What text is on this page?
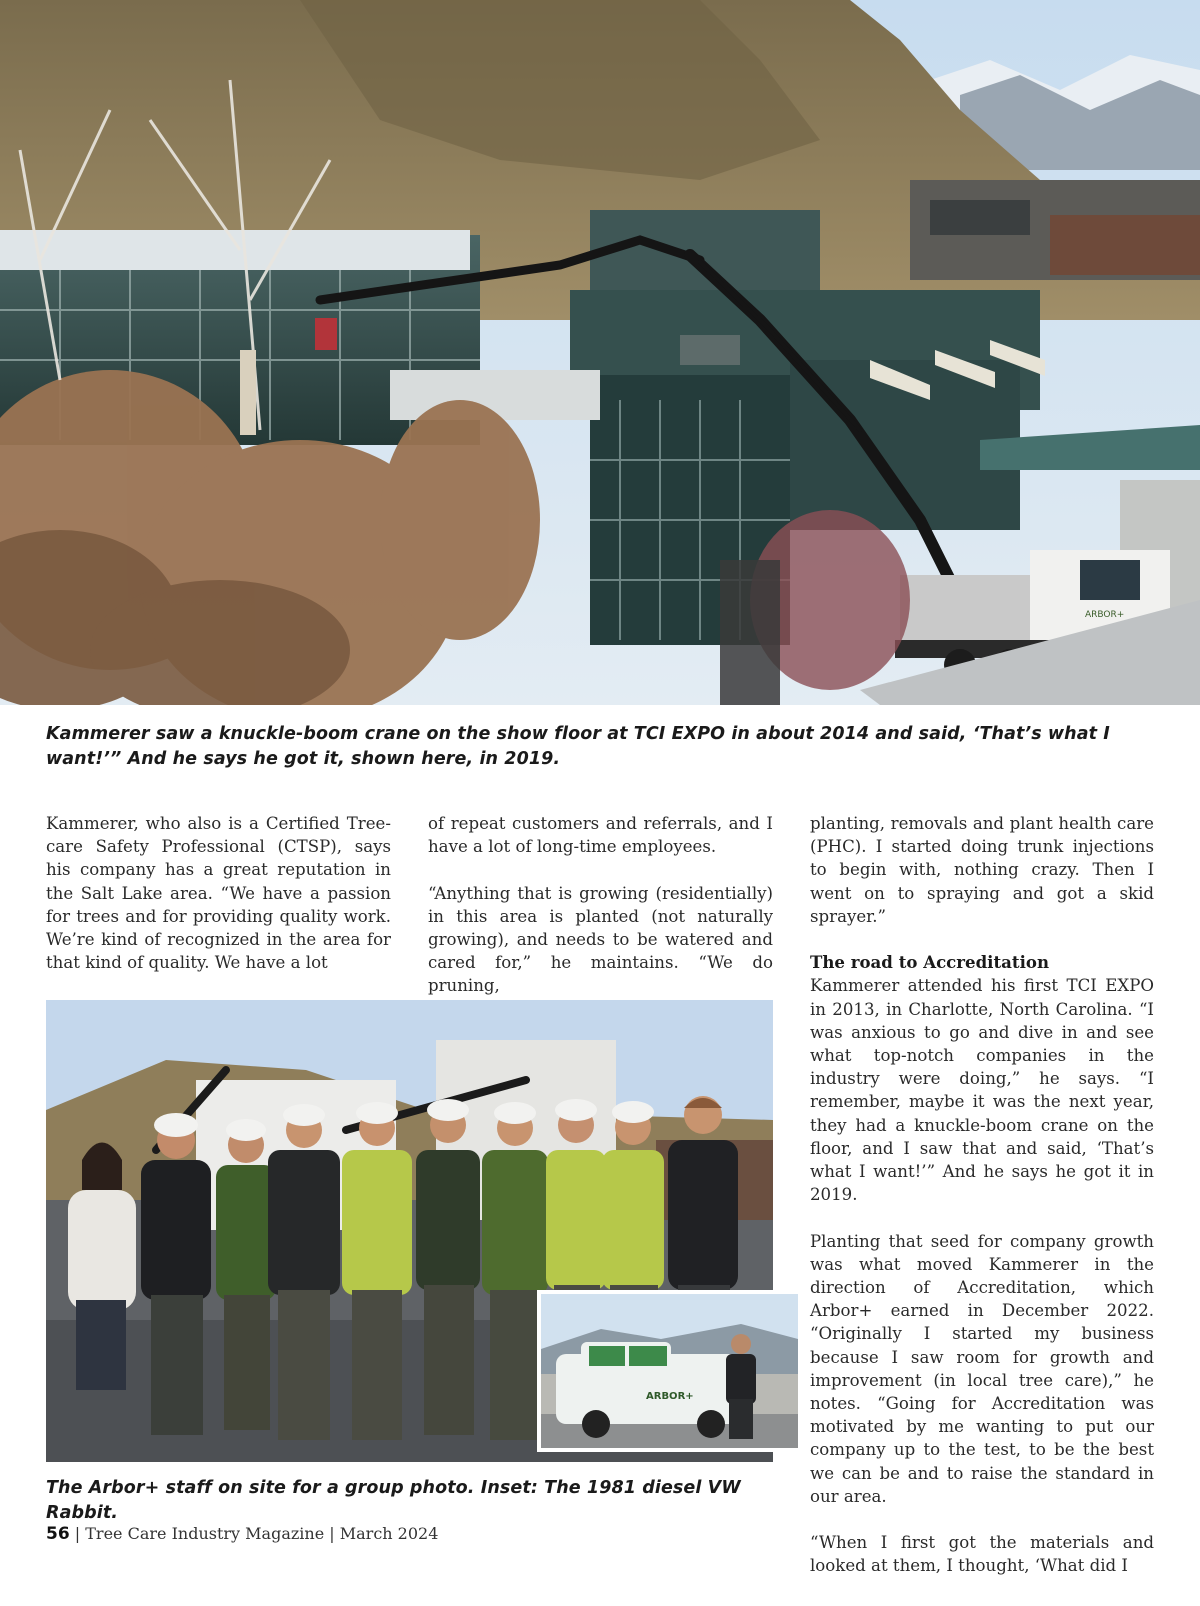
ARBOR+
Kammerer saw a knuckle-boom crane on the show floor at TCI EXPO in about 2014 and said, ‘That’s what I want!’” And he says he got it, shown here, in 2019.

Kammerer, who also is a Certified Tree-care Safety Professional (CTSP), says his company has a great reputation in the Salt Lake area. “We have a passion for trees and for providing quality work. We’re kind of recognized in the area for that kind of quality. We have a lot

of repeat customers and referrals, and I have a lot of long-time employees.

“Anything that is growing (residentially) in this area is planted (not naturally growing), and needs to be watered and cared for,” he maintains. “We do pruning,

planting, removals and plant health care (PHC). I started doing trunk injections to begin with, nothing crazy. Then I went on to spraying and got a skid sprayer.”

The road to Accreditation

Kammerer attended his first TCI EXPO in 2013, in Charlotte, North Carolina. “I was anxious to go and dive in and see what top-notch companies in the industry were doing,” he says. “I remember, maybe it was the next year, they had a knuckle-boom crane on the floor, and I saw that and said, ‘That’s what I want!’” And he says he got it in 2019.

Planting that seed for company growth was what moved Kammerer in the direction of Accreditation, which Arbor+ earned in December 2022. “Originally I started my business because I saw room for growth and improvement (in local tree care),” he notes. “Going for Accreditation was motivated by me wanting to put our company up to the test, to be the best we can be and to raise the standard in our area.

“When I first got the materials and looked at them, I thought, ‘What did I

ARBOR+
The Arbor+ staff on site for a group photo. Inset: The 1981 diesel VW Rabbit.
56 | Tree Care Industry Magazine | March 2024
